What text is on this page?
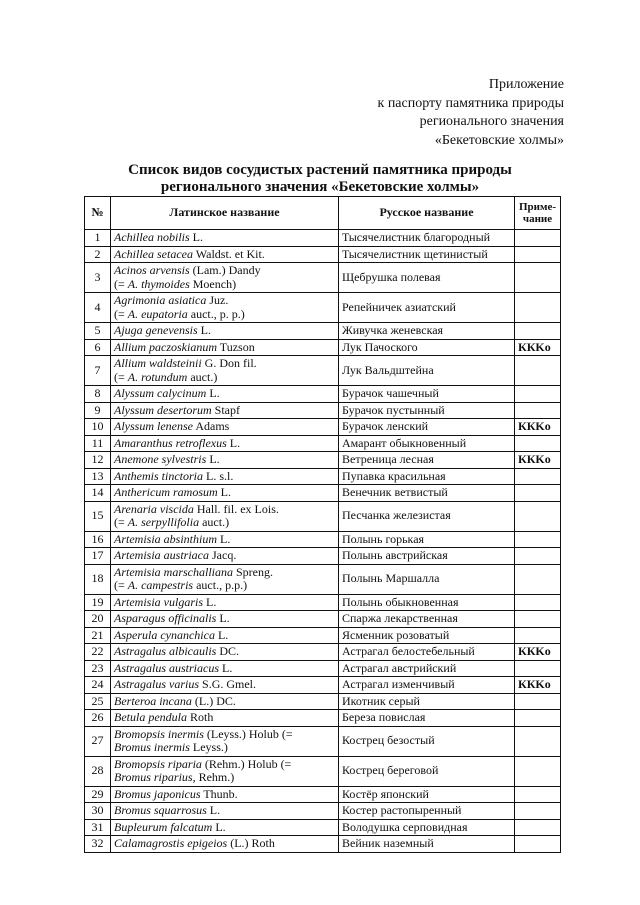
Приложение
к паспорту памятника природы
регионального значения
«Бекетовские холмы»
Список видов сосудистых растений памятника природы
регионального значения «Бекетовские холмы»
№	Латинское название	Русское название	Приме-
чание
1	Achillea nobilis L.	Тысячелистник благородный	
2	Achillea setacea Waldst. et Kit.	Тысячелистник щетинистый	
3	Acinos arvensis (Lam.) Dandy
(= A. thymoides Moench)	Щебрушка полевая	
4	Agrimonia asiatica Juz.
(= A. eupatoria auct., p. p.)	Репейничек азиатский	
5	Ajuga genevensis L.	Живучка женевская	
6	Allium paczoskianum Tuzson	Лук Пачоского	ККKo
7	Allium waldsteinii G. Don fil.
(= A. rotundum auct.)	Лук Вальдштейна	
8	Alyssum calycinum L.	Бурачок чашечный	
9	Alyssum desertorum Stapf	Бурачок пустынный	
10	Alyssum lenense Adams	Бурачок ленский	ККKo
11	Amaranthus retroflexus L.	Амарант обыкновенный	
12	Anemone sylvestris L.	Ветреница лесная	ККKo
13	Anthemis tinctoria L. s.l.	Пупавка красильная	
14	Anthericum ramosum L.	Венечник ветвистый	
15	Arenaria viscida Hall. fil. ex Lois.
(= A. serpyllifolia auct.)	Песчанка железистая	
16	Artemisia absinthium L.	Полынь горькая	
17	Artemisia austriaca Jacq.	Полынь австрийская	
18	Artemisia marschalliana Spreng.
(= A. campestris auct., p.p.)	Полынь Маршалла	
19	Artemisia vulgaris L.	Полынь обыкновенная	
20	Asparagus officinalis L.	Спаржа лекарственная	
21	Asperula cynanchica L.	Ясменник розоватый	
22	Astragalus albicaulis DC.	Астрагал белостебельный	ККKo
23	Astragalus austriacus L.	Астрагал австрийский	
24	Astragalus varius S.G. Gmel.	Астрагал изменчивый	ККKo
25	Berteroa incana (L.) DC.	Икотник серый	
26	Betula pendula Roth	Береза повислая	
27	Bromopsis inermis (Leyss.) Holub (=
Bromus inermis Leyss.)	Кострец безостый	
28	Bromopsis riparia (Rehm.) Holub (=
Bromus riparius, Rehm.)	Кострец береговой	
29	Bromus japonicus Thunb.	Костёр японский	
30	Bromus squarrosus L.	Костер растопыренный	
31	Bupleurum falcatum L.	Володушка серповидная	
32	Calamagrostis epigeios (L.) Roth	Вейник наземный	
